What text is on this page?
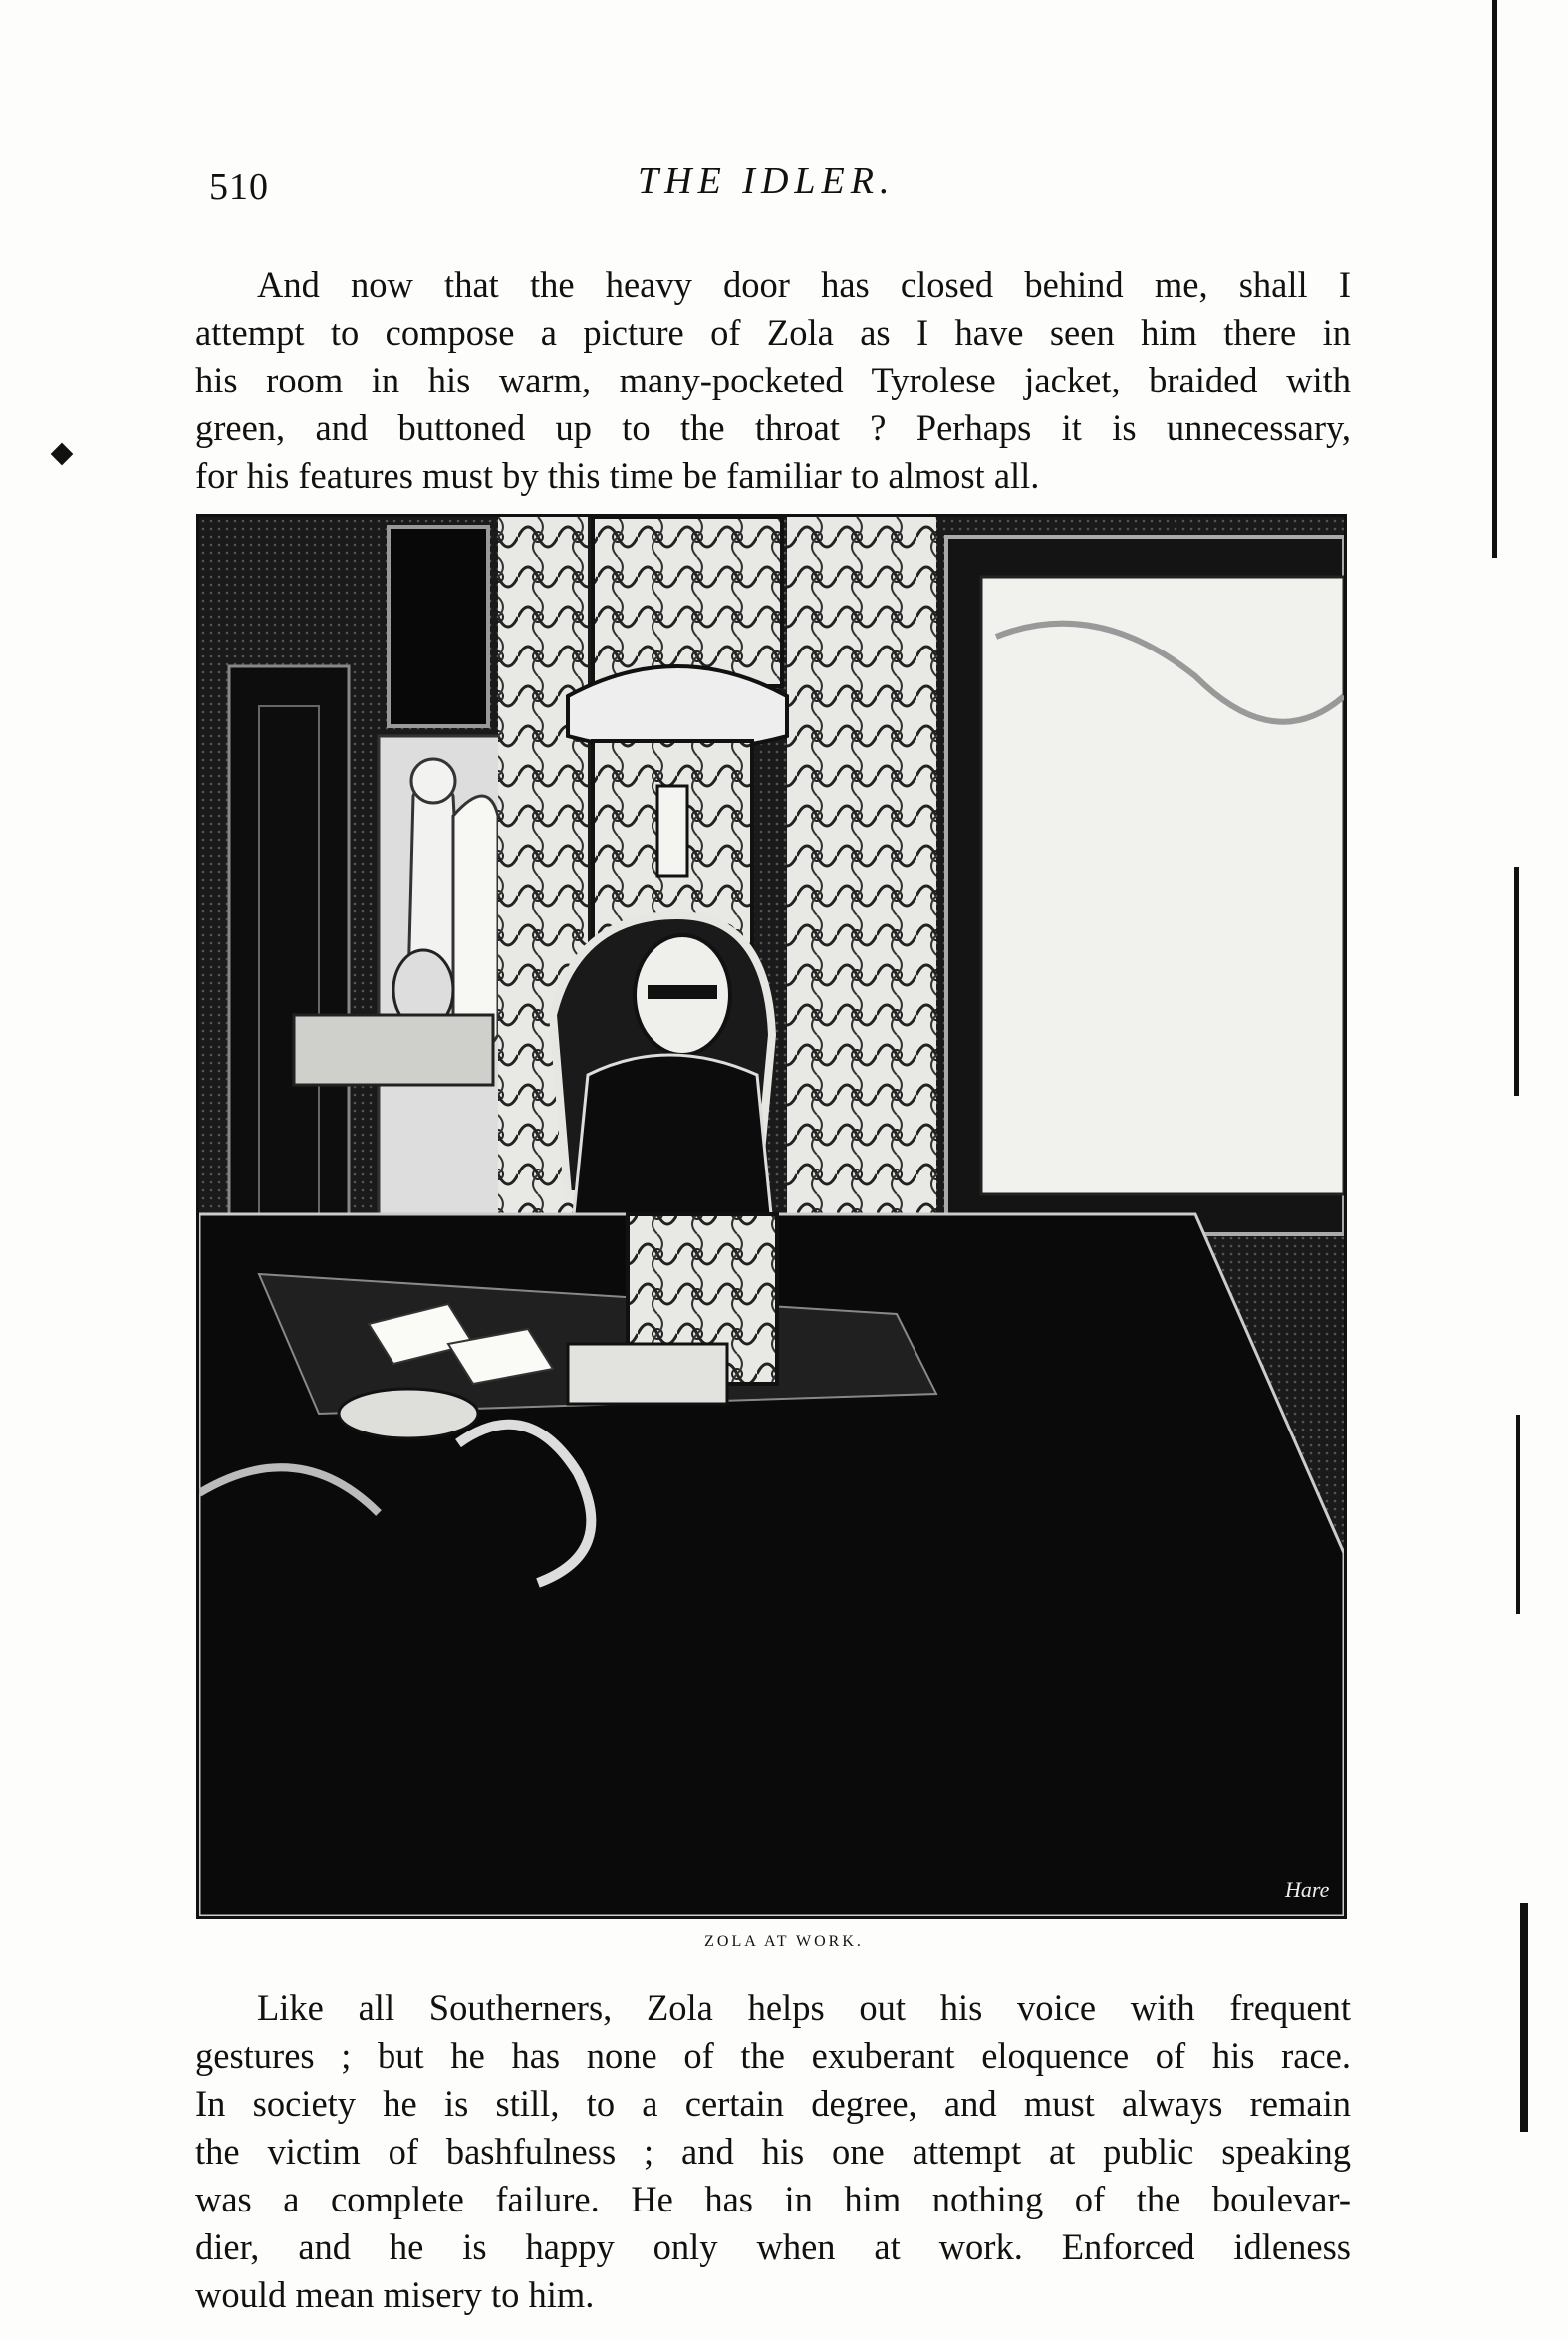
510	THE IDLER.

And now that the heavy door has closed behind me, shall I
attempt to compose a picture of Zola as I have seen him there in
his room in his warm, many-pocketed Tyrolese jacket, braided with
green, and buttoned up to the throat ? Perhaps it is unnecessary,
for his features must by this time be familiar to almost all.

Hare
ZOLA AT WORK.

Like all Southerners, Zola helps out his voice with frequent
gestures ; but he has none of the exuberant eloquence of his race.
In society he is still, to a certain degree, and must always remain
the victim of bashfulness ; and his one attempt at public speaking
was a complete failure. He has in him nothing of the boulevar-
dier, and he is happy only when at work. Enforced idleness
would mean misery to him.
